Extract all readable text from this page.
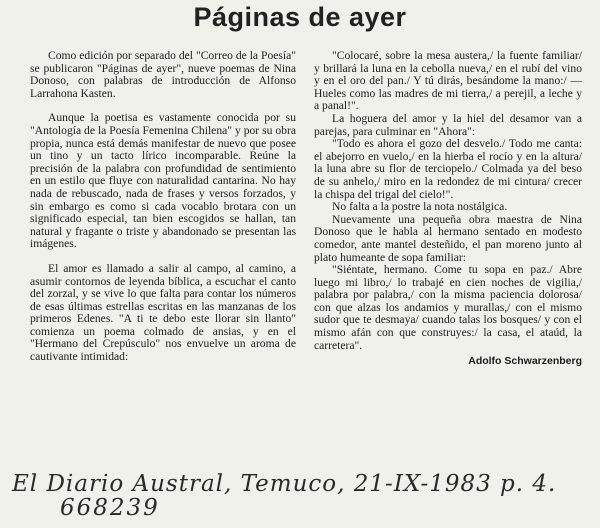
Páginas de ayer

Como edición por separado del "Correo de la Poesía" se publicaron "Páginas de ayer", nueve poemas de Nina Donoso, con palabras de introducción de Alfonso Larrahona Kasten.

Aunque la poetisa es vastamente conocida por su "Antología de la Poesía Femenina Chilena" y por su obra propia, nunca está demás manifestar de nuevo que posee un tino y un tacto lírico incomparable. Reúne la precisión de la palabra con profundidad de sentimiento en un estilo que fluye con naturalidad cantarina. No hay nada de rebuscado, nada de frases y versos forzados, y sin embargo es como si cada vocablo brotara con un significado especial, tan bien escogidos se hallan, tan natural y fragante o triste y abandonado se presentan las imágenes.

El amor es llamado a salir al campo, al camino, a asumir contornos de leyenda bíblica, a escuchar el canto del zorzal, y se vive lo que falta para contar los números de esas últimas estrellas escritas en las manzanas de los primeros Edenes. "A ti te debo este llorar sin llanto" comienza un poema colmado de ansias, y en el "Hermano del Crepúsculo" nos envuelve un aroma de cautivante intimidad:

"Colocaré, sobre la mesa austera,/ la fuente familiar/ y brillará la luna en la cebolla nueva,/ en el rubí del vino y en el oro del pan./ Y tú dirás, besándome la mano:/ — Hueles como las madres de mi tierra,/ a perejil, a leche y a panal!".

La hoguera del amor y la hiel del desamor van a parejas, para culminar en "Ahora":

"Todo es ahora el gozo del desvelo./ Todo me canta: el abejorro en vuelo,/ en la hierba el rocío y en la altura/ la luna abre su flor de terciopelo./ Colmada ya del beso de su anhelo,/ miro en la redondez de mi cintura/ crecer la chispa del trigal del cielo!".

No falta a la postre la nota nostálgica.

Nuevamente una pequeña obra maestra de Nina Donoso que le habla al hermano sentado en modesto comedor, ante mantel desteñido, el pan moreno junto al plato humeante de sopa familiar:

"Siéntate, hermano. Come tu sopa en paz./ Abre luego mi libro,/ lo trabajé en cien noches de vigilia,/ palabra por palabra,/ con la misma paciencia dolorosa/ con que alzas los andamios y murallas,/ con el mismo sudor que te desmaya/ cuando talas los bosques/ y con el mismo afán con que construyes:/ la casa, el ataúd, la carretera".

Adolfo Schwarzenberg
El Diario Austral, Temuco, 21-IX-1983 p. 4.
668239
